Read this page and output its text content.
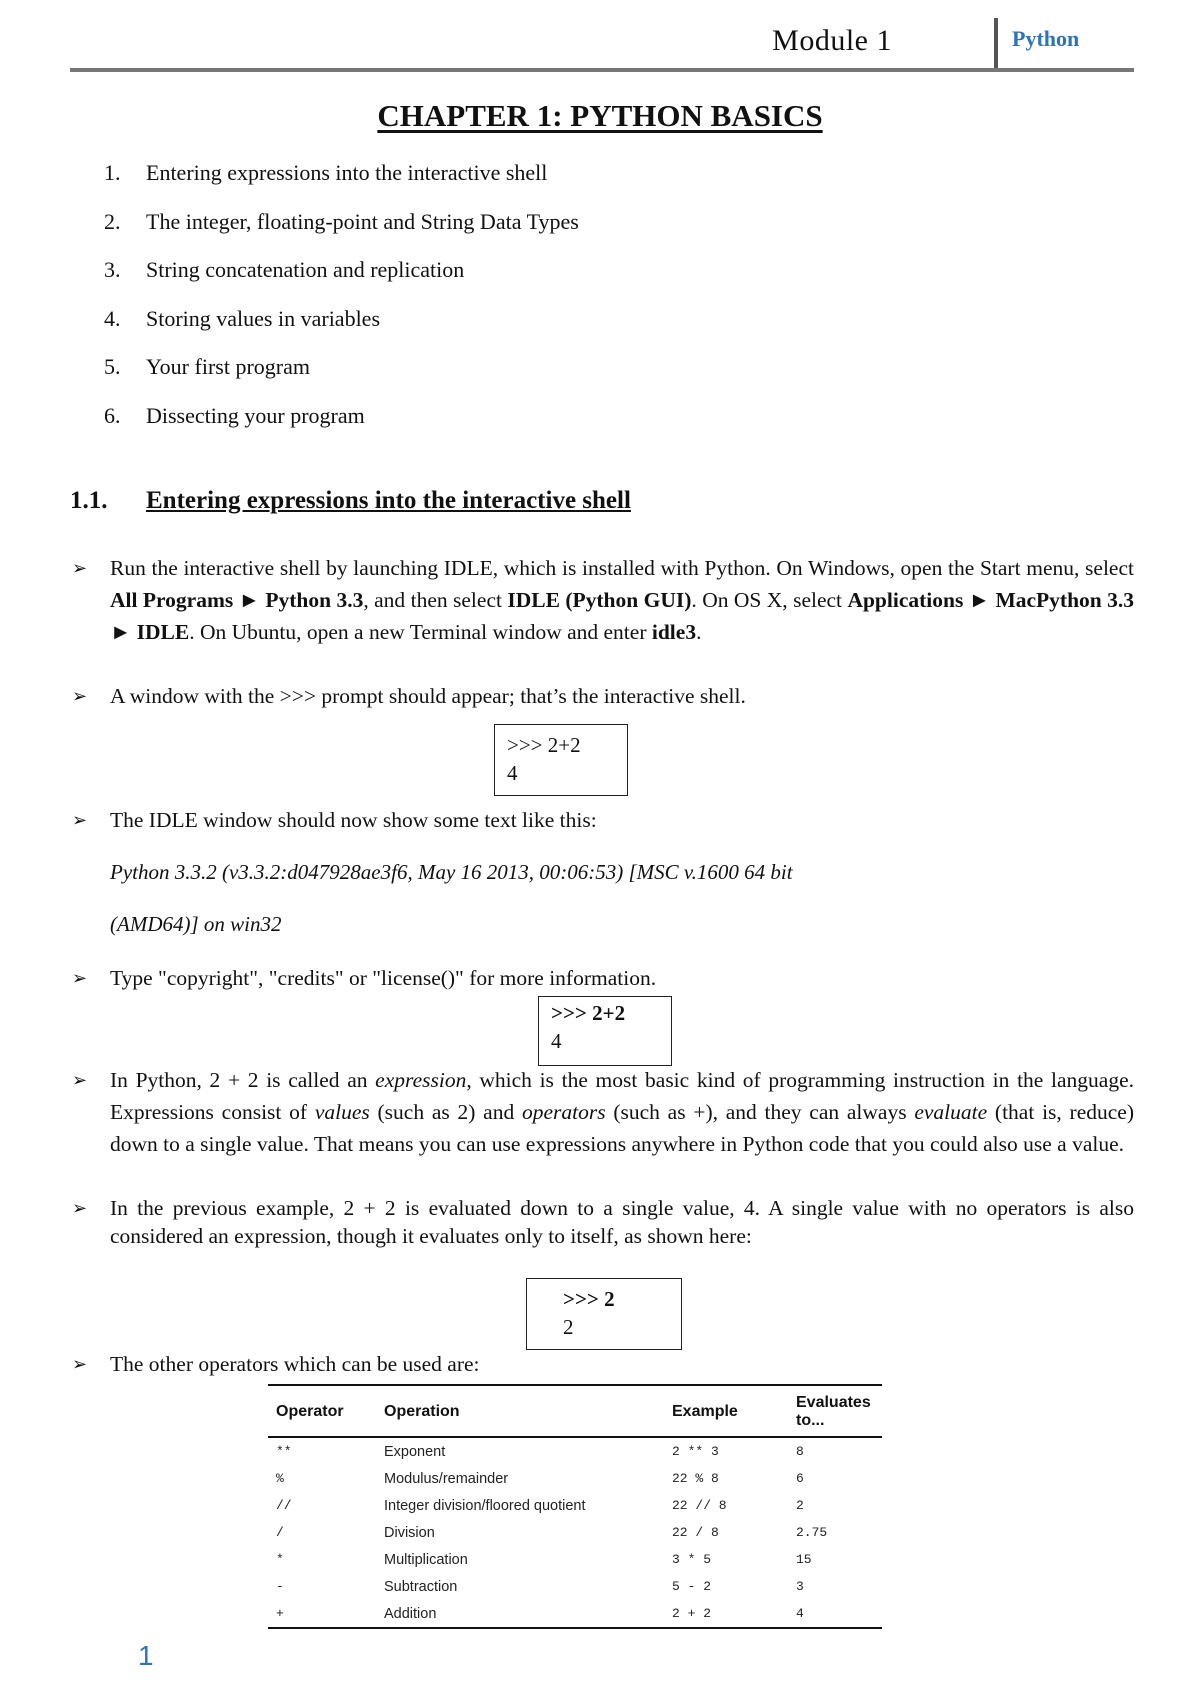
Module 1	Python
CHAPTER 1: PYTHON BASICS
1.	Entering expressions into the interactive shell
2.	The integer, floating-point and String Data Types
3.	String concatenation and replication
4.	Storing values in variables
5.	Your first program
6.	Dissecting your program
1.1. Entering expressions into the interactive shell
➢ Run the interactive shell by launching IDLE, which is installed with Python. On Windows, open the Start menu, select All Programs ► Python 3.3, and then select IDLE (Python GUI). On OS X, select Applications ► MacPython 3.3 ► IDLE. On Ubuntu, open a new Terminal window and enter idle3.
➢ A window with the >>> prompt should appear; that’s the interactive shell.
>>> 2+2
4
➢ The IDLE window should now show some text like this:
Python 3.3.2 (v3.3.2:d047928ae3f6, May 16 2013, 00:06:53) [MSC v.1600 64 bit
(AMD64)] on win32
➢ Type "copyright", "credits" or "license()" for more information.
>>> 2+2
4
➢ In Python, 2 + 2 is called an expression, which is the most basic kind of programming instruction in the language. Expressions consist of values (such as 2) and operators (such as +), and they can always evaluate (that is, reduce) down to a single value. That means you can use expressions anywhere in Python code that you could also use a value.
➢ In the previous example, 2 + 2 is evaluated down to a single value, 4. A single value with no operators is also considered an expression, though it evaluates only to itself, as shown here:
>>> 2
2
➢ The other operators which can be used are:
Operator	Operation	Example	Evaluates to...
**	Exponent	2 ** 3	8
%	Modulus/remainder	22 % 8	6
//	Integer division/floored quotient	22 // 8	2
/	Division	22 / 8	2.75
*	Multiplication	3 * 5	15
-	Subtraction	5 - 2	3
+	Addition	2 + 2	4
1
